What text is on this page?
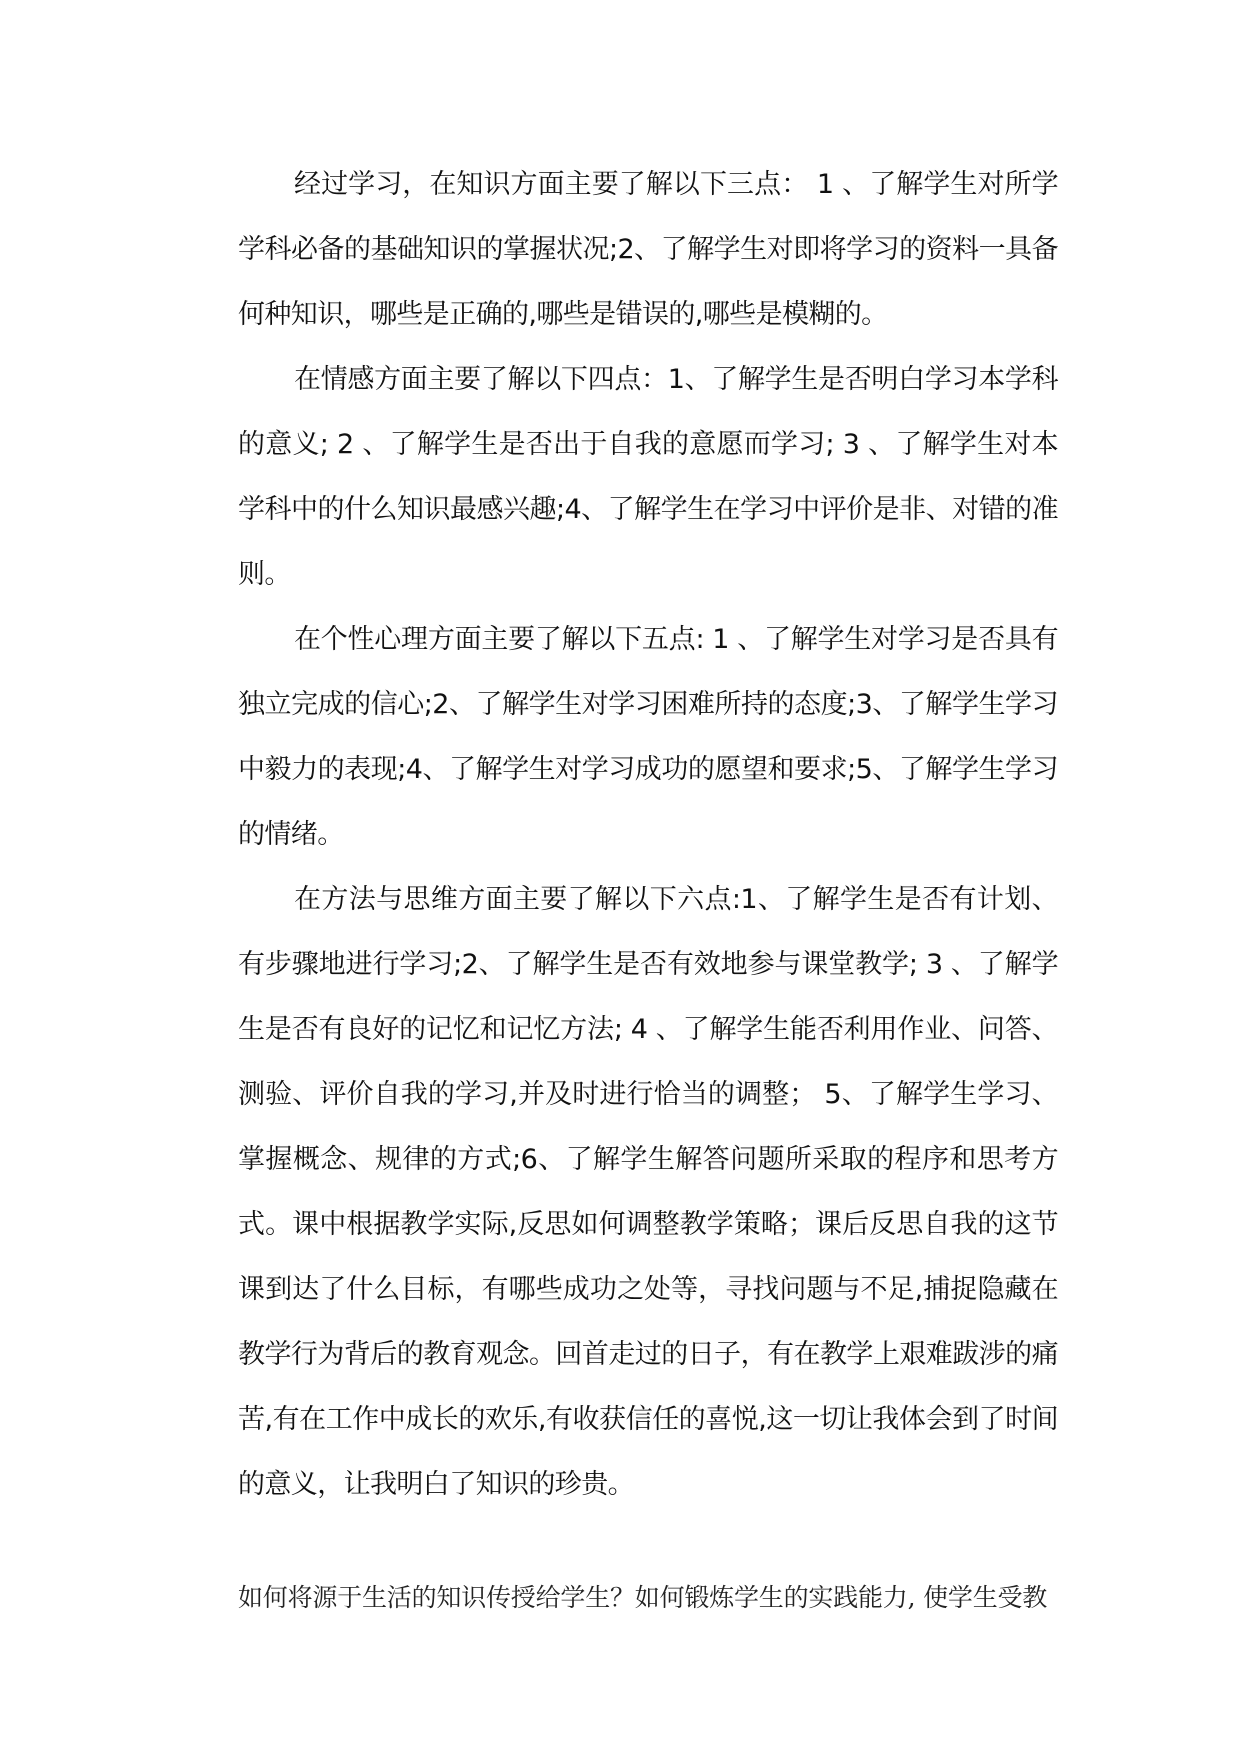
经过学习，在知识方面主要了解以下三点： 1 、了解学生对所学学科必备的基础知识的掌握状况;2、了解学生对即将学习的资料一具备何种知识，哪些是正确的,哪些是错误的,哪些是模糊的。

在情感方面主要了解以下四点：1、了解学生是否明白学习本学科的意义; 2 、了解学生是否出于自我的意愿而学习; 3 、了解学生对本学科中的什么知识最感兴趣;4、了解学生在学习中评价是非、对错的准则。

在个性心理方面主要了解以下五点: 1 、了解学生对学习是否具有独立完成的信心;2、了解学生对学习困难所持的态度;3、了解学生学习中毅力的表现;4、了解学生对学习成功的愿望和要求;5、了解学生学习的情绪。

在方法与思维方面主要了解以下六点:1、了解学生是否有计划、有步骤地进行学习;2、了解学生是否有效地参与课堂教学; 3 、了解学生是否有良好的记忆和记忆方法; 4 、了解学生能否利用作业、问答、测验、评价自我的学习,并及时进行恰当的调整； 5、了解学生学习、掌握概念、规律的方式;6、了解学生解答问题所采取的程序和思考方式。课中根据教学实际,反思如何调整教学策略；课后反思自我的这节课到达了什么目标，有哪些成功之处等，寻找问题与不足,捕捉隐藏在教学行为背后的教育观念。回首走过的日子，有在教学上艰难跋涉的痛苦,有在工作中成长的欢乐,有收获信任的喜悦,这一切让我体会到了时间的意义，让我明白了知识的珍贵。

如何将源于生活的知识传授给学生？如何锻炼学生的实践能力, 使学生受教
